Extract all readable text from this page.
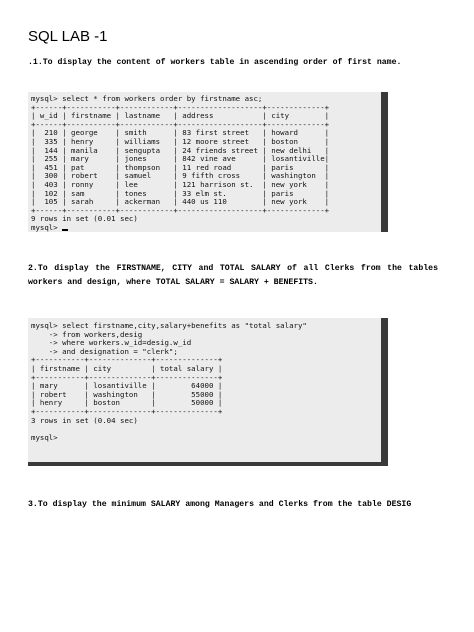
SQL LAB -1
.1.To display the content of workers table in ascending order of first name.
mysql> select * from workers order by firstname asc;
+------+-----------+------------+-------------------+-------------+
| w_id | firstname | lastname   | address           | city        |
+------+-----------+------------+-------------------+-------------+
|  210 | george    | smith      | 83 first street   | howard      |
|  335 | henry     | williams   | 12 moore street   | boston      |
|  144 | manila    | sengupta   | 24 friends street | new delhi   |
|  255 | mary      | jones      | 842 vine ave      | losantiville|
|  451 | pat       | thompson   | 11 red road       | paris       |
|  300 | robert    | samuel     | 9 fifth cross     | washington  |
|  403 | ronny     | lee        | 121 harrison st.  | new york    |
|  102 | sam       | tones      | 33 elm st.        | paris       |
|  105 | sarah     | ackerman   | 440 us 110        | new york    |
+------+-----------+------------+-------------------+-------------+
9 rows in set (0.01 sec)
mysql>
2.To display the FIRSTNAME, CITY and TOTAL SALARY of all Clerks from the tables workers and design, where TOTAL SALARY = SALARY + BENEFITS.
mysql> select firstname,city,salary+benefits as "total salary"
-> from workers,desig
-> where workers.w_id=desig.w_id
-> and designation = "clerk";
+-----------+--------------+--------------+
| firstname | city         | total salary |
+-----------+--------------+--------------+
| mary      | losantiville |        64000 |
| robert    | washington   |        55000 |
| henry     | boston       |        50000 |
+-----------+--------------+--------------+
3 rows in set (0.04 sec)

mysql>
3.To display the minimum SALARY among Managers and Clerks from the table DESIG
